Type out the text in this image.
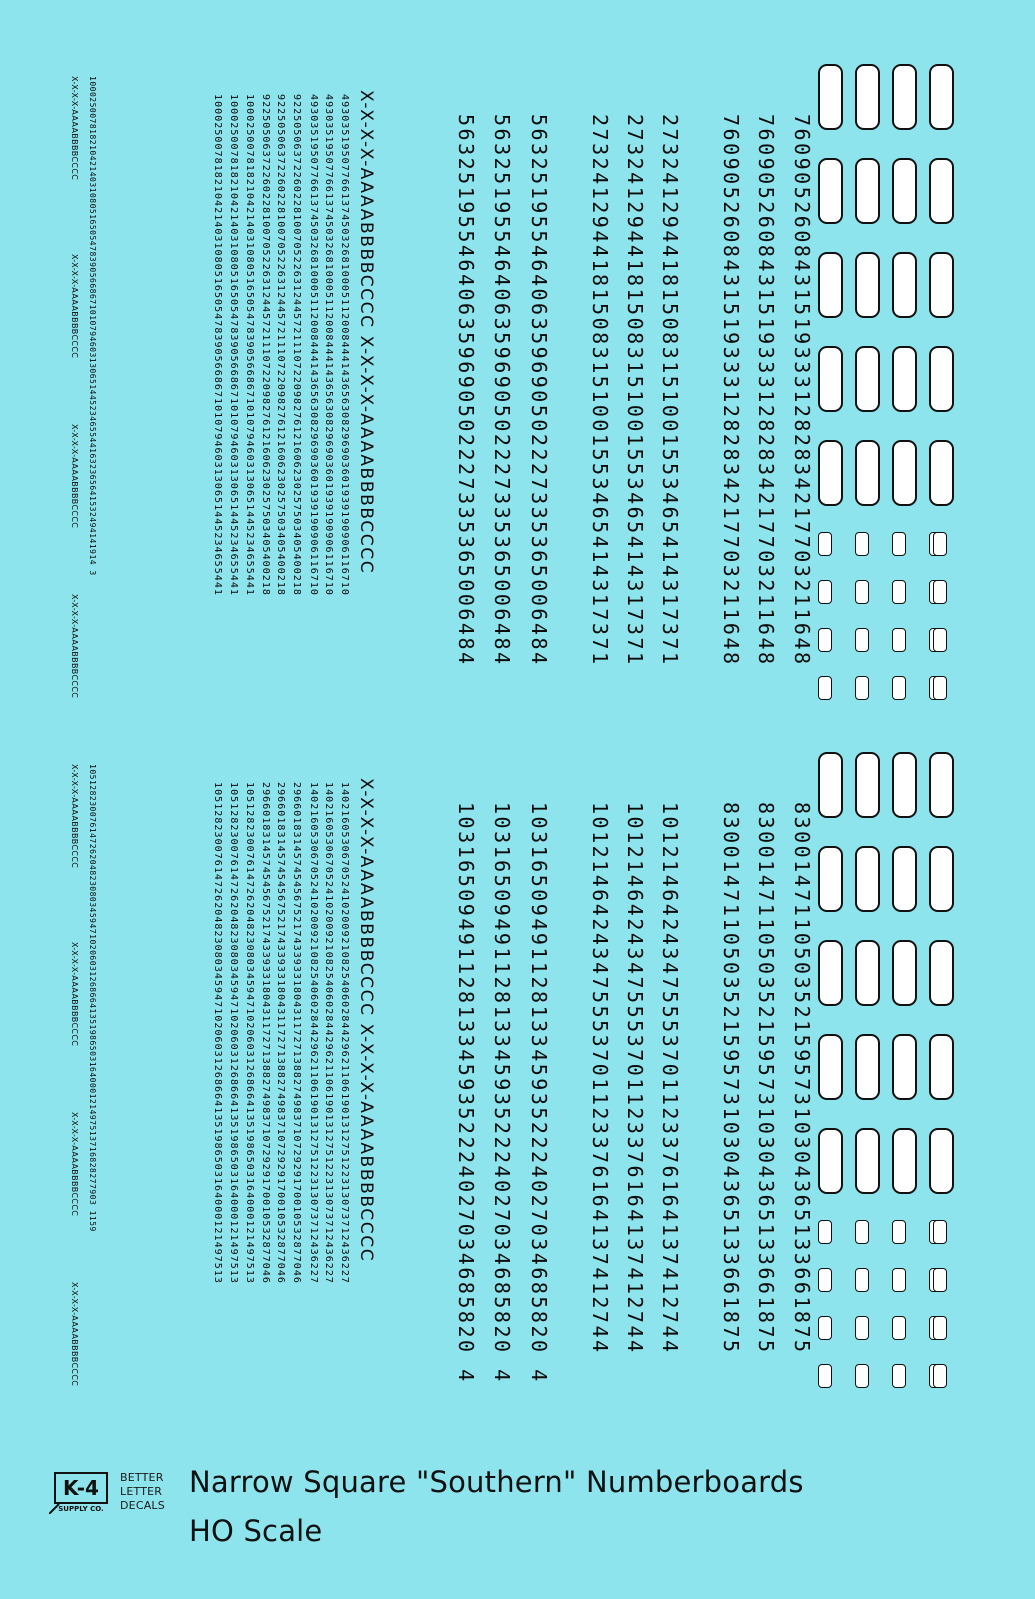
76090526084315193331282834217703211648
76090526084315193331282834217703211648
76090526084315193331282834217703211648
27324129441815083151001553465414317371
27324129441815083151001553465414317371
27324129441815083151001553465414317371
56325195546406359690502227335365006484
56325195546406359690502227335365006484
56325195546406359690502227335365006484
X-X-X-X-AAAABBBBCCCC X-X-X-X-AAAABBBBCCCC
49303519507766137450326810005112008444143656308296903601939190906116710
49303519507766137450326810005112008444143656308296903601939190906116710
49303519507766137450326810005112008444143656308296903601939190906116710
92250506372260228100705226312445721110722098276121606230257503405400218
92250506372260228100705226312445721110722098276121606230257503405400218
92250506372260228100705226312445721110722098276121606230257503405400218
10002500781821042140310805165054783905668671010794603130651445234655441
10002500781821042140310805165054783905668671010794603130651445234655441
10002500781821042140310805165054783905668671010794603130651445234655441
X-X-X-X-AAAABBBBCCCC
X-X-X-X-AAAABBBBCCCC
X-X-X-X-AAAABBBBCCCC
X-X-X-X-AAAABBBBCCCC
10002500781821042140310805165054783905668671010794603130651445234655441632365641532494141914 3
83001471105035215957310304365133661875
83001471105035215957310304365133661875
83001471105035215957310304365133661875
10121464243475553701123376164137412744
10121464243475553701123376164137412744
10121464243475553701123376164137412744
10316509491128133459352224027034685820 4
10316509491128133459352224027034685820 4
10316509491128133459352224027034685820 4
X-X-X-X-AAAABBBBCCCC X-X-X-X-AAAABBBBCCCC
14021605306705241020092108254060284429621106190131275122313073712436227
14021605306705241020092108254060284429621106190131275122313073712436227
14021605306705241020092108254060284429621106190131275122313073712436227
29660183145745456752174339331804311727138827498371072929170010532877046
29660183145745456752174339331804311727138827498371072929170010532877046
29660183145745456752174339331804311727138827498371072929170010532877046
10512823007614726204823080345947102060312686641351986503164000121497513
10512823007614726204823080345947102060312686641351986503164000121497513
10512823007614726204823080345947102060312686641351986503164000121497513
X-X-X-X-AAAABBBBCCCC
X-X-X-X-AAAABBBBCCCC
X-X-X-X-AAAABBBBCCCC
X-X-X-X-AAAABBBBCCCC
10512823007614726204823080345947102060312686641351986503164000121497513716828277903 1159
K-4
SUPPLY CO.
BETTER
LETTER
DECALS
Narrow Square "Southern" Numberboards
HO Scale
